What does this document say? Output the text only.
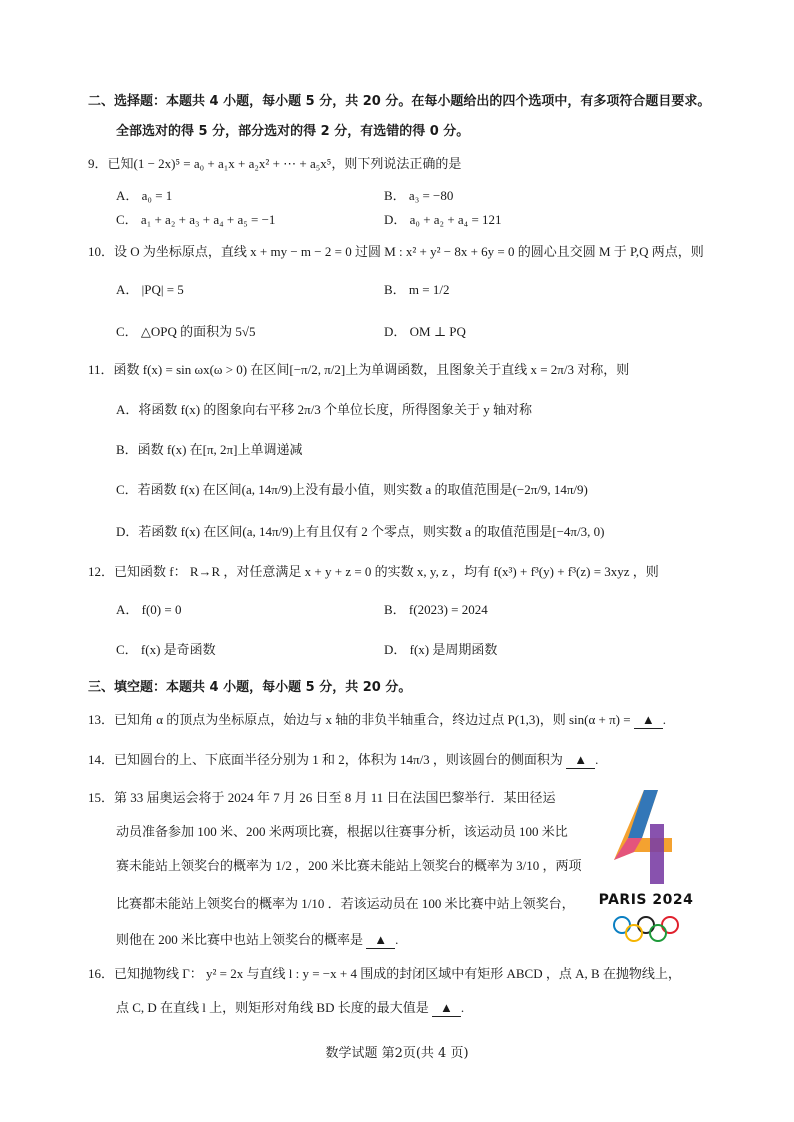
二、选择题：本题共 4 小题，每小题 5 分，共 20 分。在每小题给出的四个选项中，有多项符合题目要求。
全部选对的得 5 分，部分选对的得 2 分，有选错的得 0 分。
9．已知(1 − 2x)⁵ = a₀ + a₁x + a₂x² + ⋯ + a₅x⁵，则下列说法正确的是
A． a₀ = 1	B． a₃ = −80
C． a₁ + a₂ + a₃ + a₄ + a₅ = −1	D． a₀ + a₂ + a₄ = 121
10．设 O 为坐标原点，直线 x + my − m − 2 = 0 过圆 M : x² + y² − 8x + 6y = 0 的圆心且交圆 M 于 P,Q 两点，则
A． |PQ| = 5	B． m = 1/2
C． △OPQ 的面积为 5√5	D． OM ⊥ PQ
11．函数 f(x) = sin ωx(ω > 0) 在区间[−π/2, π/2]上为单调函数，且图象关于直线 x = 2π/3 对称，则
A．将函数 f(x) 的图象向右平移 2π/3 个单位长度，所得图象关于 y 轴对称
B．函数 f(x) 在[π, 2π]上单调递减
C．若函数 f(x) 在区间(a, 14π/9)上没有最小值，则实数 a 的取值范围是(−2π/9, 14π/9)
D．若函数 f(x) 在区间(a, 14π/9)上有且仅有 2 个零点，则实数 a 的取值范围是[−4π/3, 0)
12．已知函数 f： R→R ，对任意满足 x + y + z = 0 的实数 x, y, z ，均有 f(x³) + f³(y) + f³(z) = 3xyz ，则
A． f(0) = 0	B． f(2023) = 2024
C． f(x) 是奇函数	D． f(x) 是周期函数
三、填空题：本题共 4 小题，每小题 5 分，共 20 分。
13．已知角 α 的顶点为坐标原点，始边与 x 轴的非负半轴重合，终边过点 P(1,3)，则 sin(α + π) = ▲ .
14．已知圆台的上、下底面半径分别为 1 和 2，体积为 14π/3 ，则该圆台的侧面积为 ▲ .
15．第 33 届奥运会将于 2024 年 7 月 26 日至 8 月 11 日在法国巴黎举行．某田径运
动员准备参加 100 米、200 米两项比赛，根据以往赛事分析，该运动员 100 米比
赛未能站上领奖台的概率为 1/2 ，200 米比赛未能站上领奖台的概率为 3/10 ，两项
比赛都未能站上领奖台的概率为 1/10 ．若该运动员在 100 米比赛中站上领奖台，
则他在 200 米比赛中也站上领奖台的概率是 ▲ .
PARIS 2024
16．已知抛物线 Γ： y² = 2x 与直线 l : y = −x + 4 围成的封闭区域中有矩形 ABCD ，点 A, B 在抛物线上，
点 C, D 在直线 l 上，则矩形对角线 BD 长度的最大值是 ▲ .
数学试题 第2页(共 4 页)
